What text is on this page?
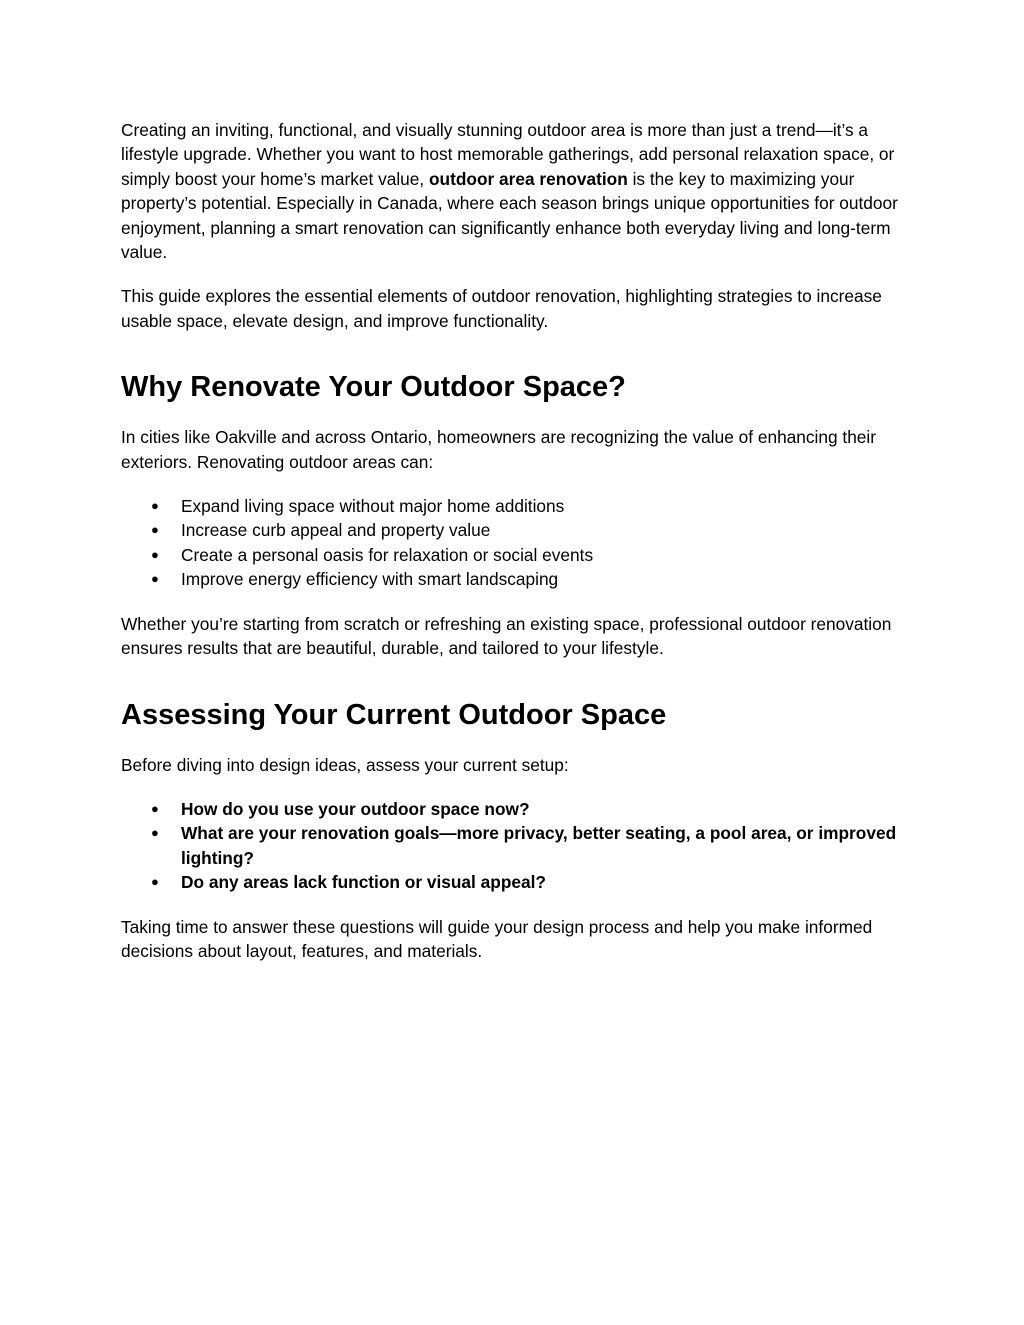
Creating an inviting, functional, and visually stunning outdoor area is more than just a trend—it’s a lifestyle upgrade. Whether you want to host memorable gatherings, add personal relaxation space, or simply boost your home’s market value, outdoor area renovation is the key to maximizing your property’s potential. Especially in Canada, where each season brings unique opportunities for outdoor enjoyment, planning a smart renovation can significantly enhance both everyday living and long-term value.

This guide explores the essential elements of outdoor renovation, highlighting strategies to increase usable space, elevate design, and improve functionality.

Why Renovate Your Outdoor Space?

In cities like Oakville and across Ontario, homeowners are recognizing the value of enhancing their exteriors. Renovating outdoor areas can:

● Expand living space without major home additions
● Increase curb appeal and property value
● Create a personal oasis for relaxation or social events
● Improve energy efficiency with smart landscaping

Whether you’re starting from scratch or refreshing an existing space, professional outdoor renovation ensures results that are beautiful, durable, and tailored to your lifestyle.

Assessing Your Current Outdoor Space

Before diving into design ideas, assess your current setup:

● How do you use your outdoor space now?
● What are your renovation goals—more privacy, better seating, a pool area, or improved lighting?
● Do any areas lack function or visual appeal?

Taking time to answer these questions will guide your design process and help you make informed decisions about layout, features, and materials.
